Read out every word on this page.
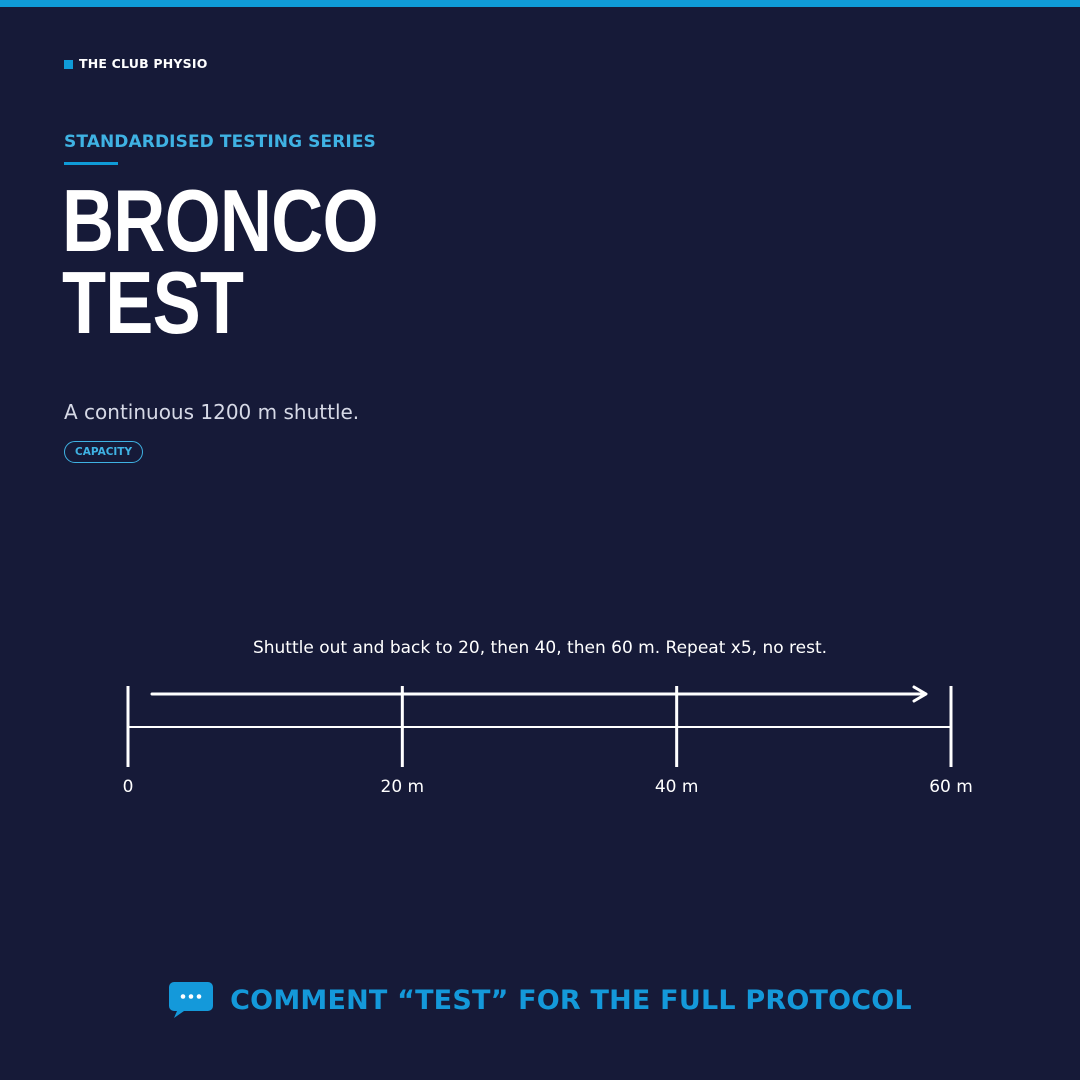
THE CLUB PHYSIO
STANDARDISED TESTING SERIES
BRONCO
TEST
A continuous 1200 m shuttle.
CAPACITY
Shuttle out and back to 20, then 40, then 60 m. Repeat x5, no rest.
0	20 m	40 m	60 m
COMMENT “TEST” FOR THE FULL PROTOCOL
